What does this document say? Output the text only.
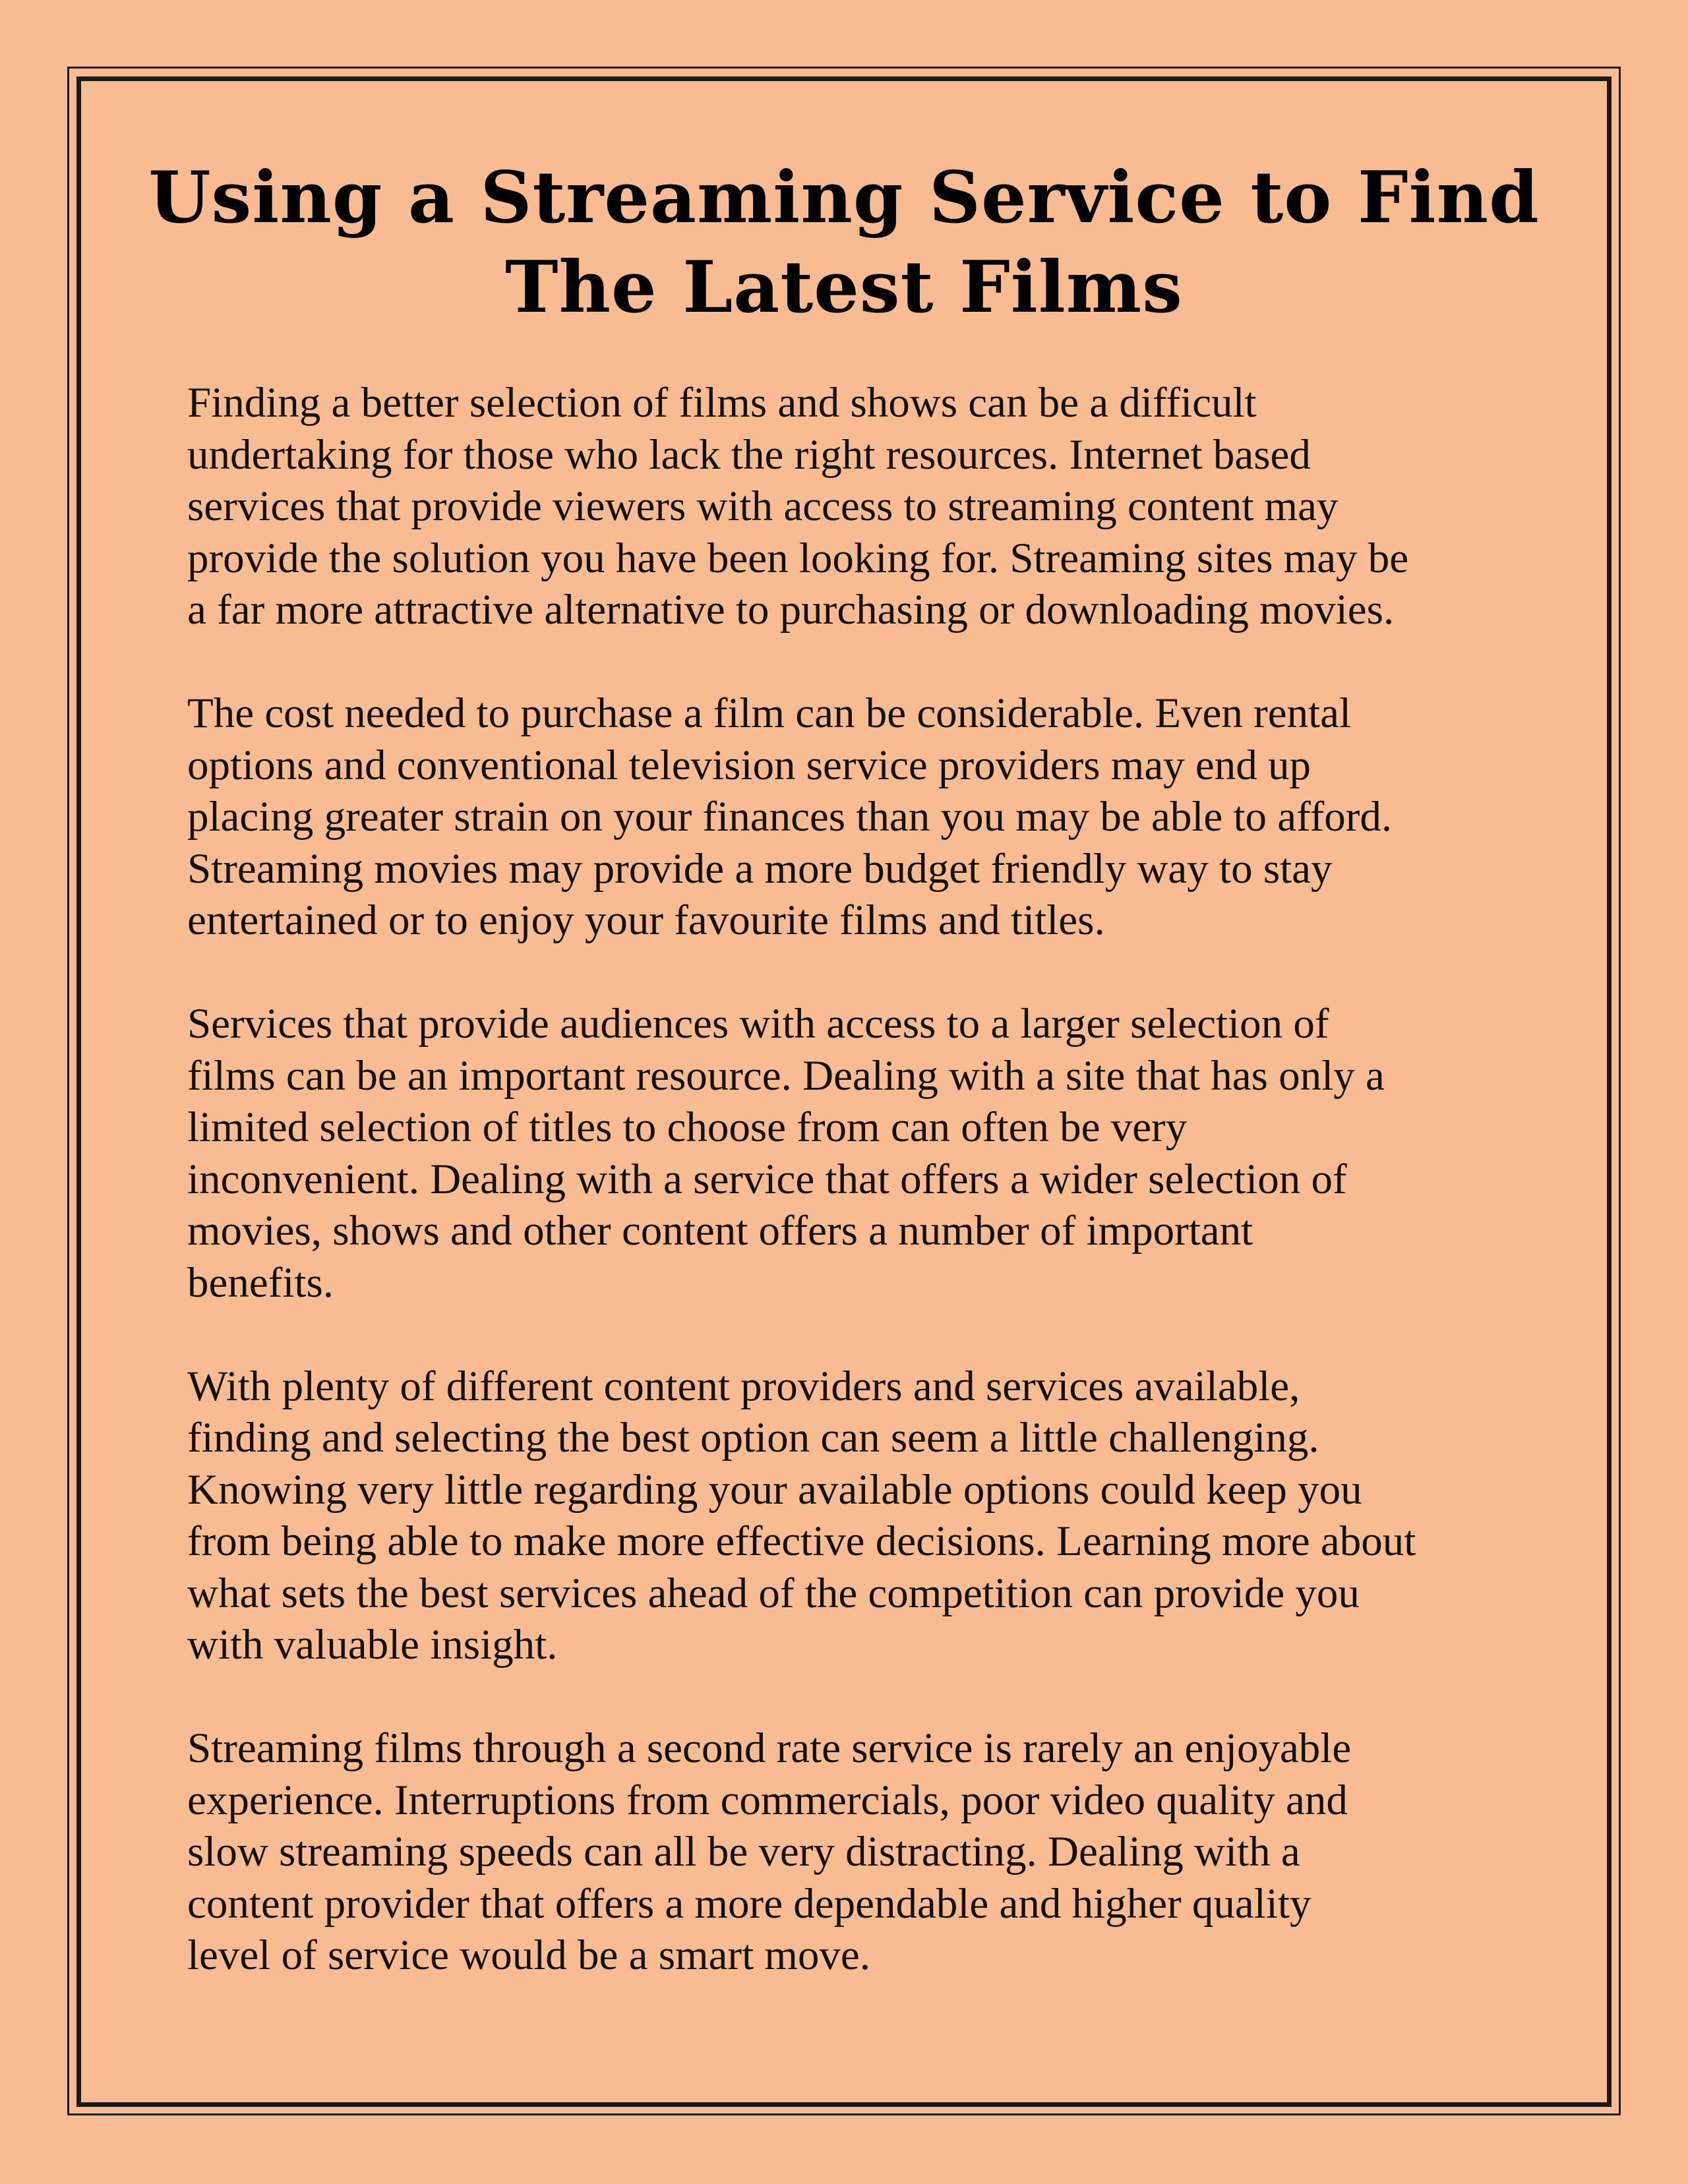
Using a Streaming Service to Find
The Latest Films

Finding a better selection of films and shows can be a difficult
undertaking for those who lack the right resources. Internet based
services that provide viewers with access to streaming content may
provide the solution you have been looking for. Streaming sites may be
a far more attractive alternative to purchasing or downloading movies.

The cost needed to purchase a film can be considerable. Even rental
options and conventional television service providers may end up
placing greater strain on your finances than you may be able to afford.
Streaming movies may provide a more budget friendly way to stay
entertained or to enjoy your favourite films and titles.

Services that provide audiences with access to a larger selection of
films can be an important resource. Dealing with a site that has only a
limited selection of titles to choose from can often be very
inconvenient. Dealing with a service that offers a wider selection of
movies, shows and other content offers a number of important
benefits.

With plenty of different content providers and services available,
finding and selecting the best option can seem a little challenging.
Knowing very little regarding your available options could keep you
from being able to make more effective decisions. Learning more about
what sets the best services ahead of the competition can provide you
with valuable insight.

Streaming films through a second rate service is rarely an enjoyable
experience. Interruptions from commercials, poor video quality and
slow streaming speeds can all be very distracting. Dealing with a
content provider that offers a more dependable and higher quality
level of service would be a smart move.
